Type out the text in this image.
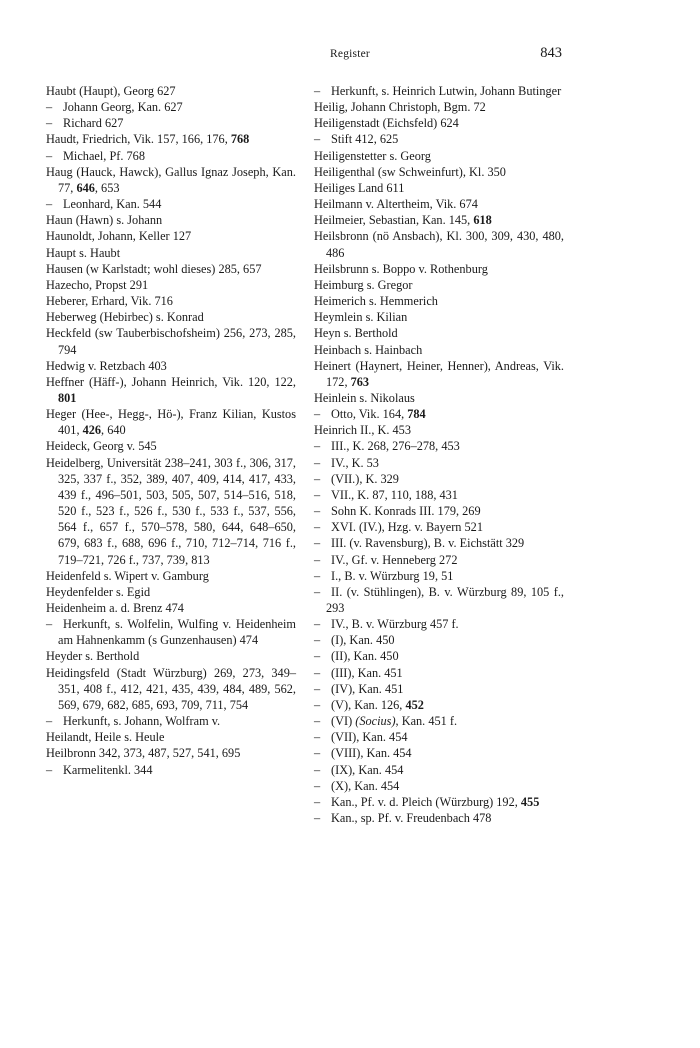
Register	843
Haubt (Haupt), Georg 627
– Johann Georg, Kan. 627
– Richard 627
Haudt, Friedrich, Vik. 157, 166, 176, 768
– Michael, Pf. 768
Haug (Hauck, Hawck), Gallus Ignaz Joseph, Kan. 77, 646, 653
– Leonhard, Kan. 544
Haun (Hawn) s. Johann
Haunoldt, Johann, Keller 127
Haupt s. Haubt
Hausen (w Karlstadt; wohl dieses) 285, 657
Hazecho, Propst 291
Heberer, Erhard, Vik. 716
Heberweg (Hebirbec) s. Konrad
Heckfeld (sw Tauberbischofsheim) 256, 273, 285, 794
Hedwig v. Retzbach 403
Heffner (Häff-), Johann Heinrich, Vik. 120, 122, 801
Heger (Hee-, Hegg-, Hö-), Franz Kilian, Kustos 401, 426, 640
Heideck, Georg v. 545
Heidelberg, Universität 238–241, 303 f., 306, 317, 325, 337 f., 352, 389, 407, 409, 414, 417, 433, 439 f., 496–501, 503, 505, 507, 514–516, 518, 520 f., 523 f., 526 f., 530 f., 533 f., 537, 556, 564 f., 657 f., 570–578, 580, 644, 648–650, 679, 683 f., 688, 696 f., 710, 712–714, 716 f., 719–721, 726 f., 737, 739, 813
Heidenfeld s. Wipert v. Gamburg
Heydenfelder s. Egid
Heidenheim a. d. Brenz 474
– Herkunft, s. Wolfelin, Wulfing v. Heidenheim am Hahnenkamm (s Gunzenhausen) 474
Heyder s. Berthold
Heidingsfeld (Stadt Würzburg) 269, 273, 349–351, 408 f., 412, 421, 435, 439, 484, 489, 562, 569, 679, 682, 685, 693, 709, 711, 754
– Herkunft, s. Johann, Wolfram v.
Heilandt, Heile s. Heule
Heilbronn 342, 373, 487, 527, 541, 695
– Karmelitenkl. 344
– Herkunft, s. Heinrich Lutwin, Johann Butinger
Heilig, Johann Christoph, Bgm. 72
Heiligenstadt (Eichsfeld) 624
– Stift 412, 625
Heiligenstetter s. Georg
Heiligenthal (sw Schweinfurt), Kl. 350
Heiliges Land 611
Heilmann v. Altertheim, Vik. 674
Heilmeier, Sebastian, Kan. 145, 618
Heilsbronn (nö Ansbach), Kl. 300, 309, 430, 480, 486
Heilsbrunn s. Boppo v. Rothenburg
Heimburg s. Gregor
Heimerich s. Hemmerich
Heymlein s. Kilian
Heyn s. Berthold
Heinbach s. Hainbach
Heinert (Haynert, Heiner, Henner), Andreas, Vik. 172, 763
Heinlein s. Nikolaus
– Otto, Vik. 164, 784
Heinrich II., K. 453
– III., K. 268, 276–278, 453
– IV., K. 53
– (VII.), K. 329
– VII., K. 87, 110, 188, 431
– Sohn K. Konrads III. 179, 269
– XVI. (IV.), Hzg. v. Bayern 521
– III. (v. Ravensburg), B. v. Eichstätt 329
– IV., Gf. v. Henneberg 272
– I., B. v. Würzburg 19, 51
– II. (v. Stühlingen), B. v. Würzburg 89, 105 f., 293
– IV., B. v. Würzburg 457 f.
– (I), Kan. 450
– (II), Kan. 450
– (III), Kan. 451
– (IV), Kan. 451
– (V), Kan. 126, 452
– (VI) (Socius), Kan. 451 f.
– (VII), Kan. 454
– (VIII), Kan. 454
– (IX), Kan. 454
– (X), Kan. 454
– Kan., Pf. v. d. Pleich (Würzburg) 192, 455
– Kan., sp. Pf. v. Freudenbach 478
